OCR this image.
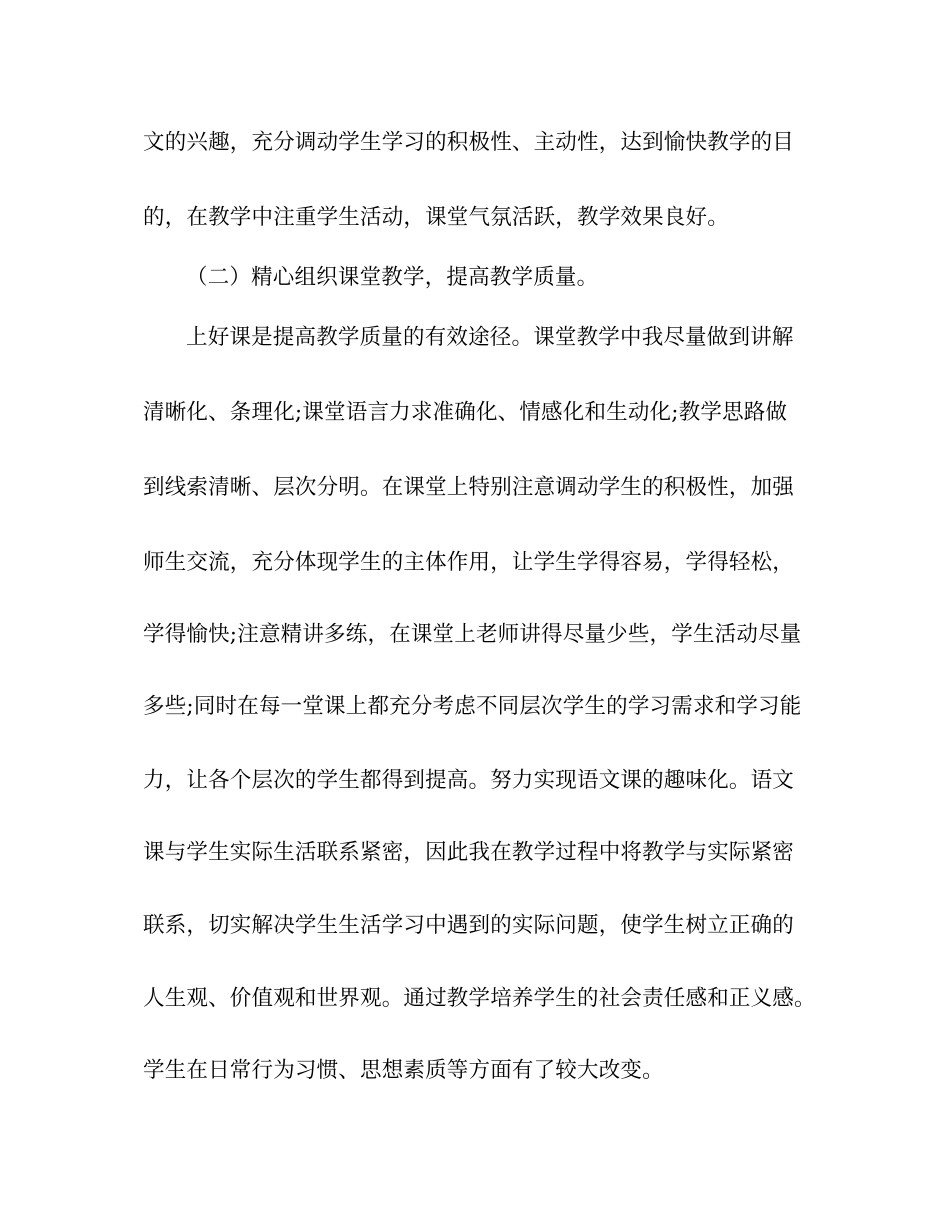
文的兴趣，充分调动学生学习的积极性、主动性，达到愉快教学的目

的，在教学中注重学生活动，课堂气氛活跃，教学效果良好。

（二）精心组织课堂教学，提高教学质量。

上好课是提高教学质量的有效途径。课堂教学中我尽量做到讲解

清晰化、条理化;课堂语言力求准确化、情感化和生动化;教学思路做

到线索清晰、层次分明。在课堂上特别注意调动学生的积极性，加强

师生交流，充分体现学生的主体作用，让学生学得容易，学得轻松，

学得愉快;注意精讲多练，在课堂上老师讲得尽量少些，学生活动尽量

多些;同时在每一堂课上都充分考虑不同层次学生的学习需求和学习能

力，让各个层次的学生都得到提高。努力实现语文课的趣味化。语文

课与学生实际生活联系紧密，因此我在教学过程中将教学与实际紧密

联系，切实解决学生生活学习中遇到的实际问题，使学生树立正确的

人生观、价值观和世界观。通过教学培养学生的社会责任感和正义感。

学生在日常行为习惯、思想素质等方面有了较大改变。
